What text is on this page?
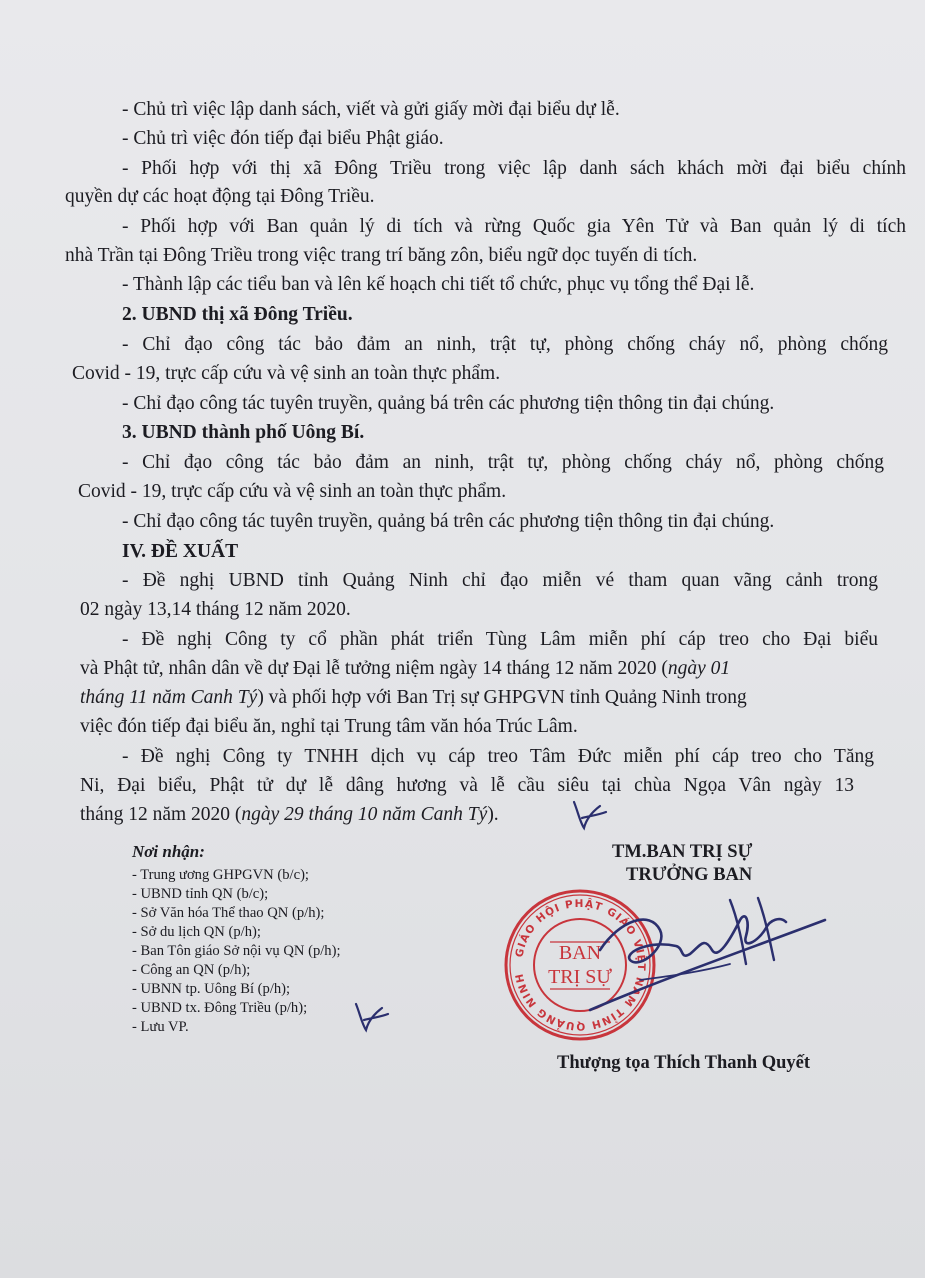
- Chủ trì việc lập danh sách, viết và gửi giấy mời đại biểu dự lễ.
- Chủ trì việc đón tiếp đại biểu Phật giáo.
- Phối hợp với thị xã Đông Triều trong việc lập danh sách khách mời đại biểu chính
quyền dự các hoạt động tại Đông Triều.
- Phối hợp với Ban quản lý di tích và rừng Quốc gia Yên Tử và Ban quản lý di tích
nhà Trần tại Đông Triều trong việc trang trí băng zôn, biểu ngữ dọc tuyến di tích.
- Thành lập các tiểu ban và lên kế hoạch chi tiết tổ chức, phục vụ tổng thể Đại lễ.
2. UBND thị xã Đông Triều.
- Chỉ đạo công tác bảo đảm an ninh, trật tự, phòng chống cháy nổ, phòng chống
Covid - 19, trực cấp cứu và vệ sinh an toàn thực phẩm.
- Chỉ đạo công tác tuyên truyền, quảng bá trên các phương tiện thông tin đại chúng.
3. UBND thành phố Uông Bí.
- Chỉ đạo công tác bảo đảm an ninh, trật tự, phòng chống cháy nổ, phòng chống
Covid - 19, trực cấp cứu và vệ sinh an toàn thực phẩm.
- Chỉ đạo công tác tuyên truyền, quảng bá trên các phương tiện thông tin đại chúng.
IV. ĐỀ XUẤT
- Đề nghị UBND tỉnh Quảng Ninh chỉ đạo miễn vé tham quan vãng cảnh trong
02 ngày 13,14 tháng 12 năm 2020.
- Đề nghị Công ty cổ phần phát triển Tùng Lâm miễn phí cáp treo cho Đại biểu
và Phật tử, nhân dân về dự Đại lễ tưởng niệm ngày 14 tháng 12 năm 2020 (ngày 01
tháng 11 năm Canh Tý) và phối hợp với Ban Trị sự GHPGVN tỉnh Quảng Ninh trong
việc đón tiếp đại biểu ăn, nghỉ tại Trung tâm văn hóa Trúc Lâm.
- Đề nghị Công ty TNHH dịch vụ cáp treo Tâm Đức miễn phí cáp treo cho Tăng
Ni, Đại biểu, Phật tử dự lễ dâng hương và lễ cầu siêu tại chùa Ngọa Vân ngày 13
tháng 12 năm 2020 (ngày 29 tháng 10 năm Canh Tý).
Nơi nhận:
- Trung ương GHPGVN (b/c);
- UBND tỉnh QN (b/c);
- Sở Văn hóa Thể thao QN (p/h);
- Sở du lịch QN (p/h);
- Ban Tôn giáo Sở nội vụ QN (p/h);
- Công an QN (p/h);
- UBNN tp. Uông Bí (p/h);
- UBND tx. Đông Triều (p/h);
- Lưu VP.
TM.BAN TRỊ SỰ
TRƯỞNG BAN
GIÁO HỘI PHẬT GIÁO VIỆT NAM TỈNH QUẢNG NINH
BAN
TRỊ SỰ
Thượng tọa Thích Thanh Quyết
